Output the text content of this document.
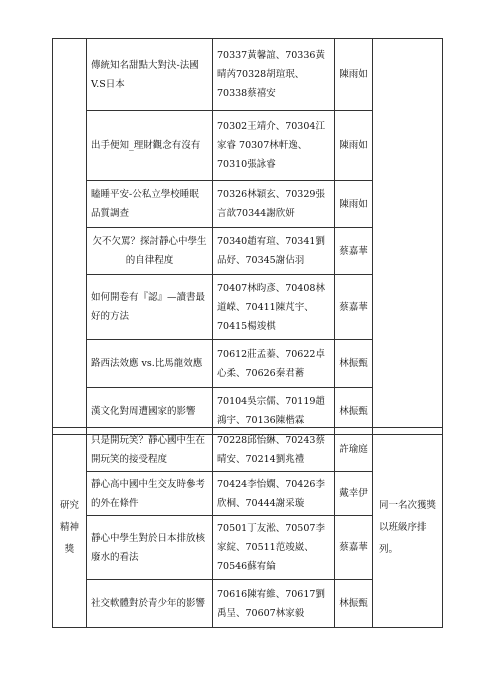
	傳統知名甜點大對決-法國V.S日本	70337黃馨誼、70336黃晴芮70328胡瑄珉、70338蔡禧安	陳雨如	
	出手便知_理財觀念有沒有	70302王靖介、70304江家睿 70307林軒逸、70310張詠睿	陳雨如	
	瞌睡平安-公私立學校睡眠品質調查	70326林穎玄、70329張言歆70344謝欣妍	陳雨如	
	欠不欠罵？探討靜心中學生的自律程度	70340趙宥瑄、70341劉品妤、70345謝佔羽	蔡嘉華	
	如何開卷有『認』—讀書最好的方法	70407林昀彥、70408林道嵘、70411陳芃宇、70415楊竣棋	蔡嘉華	
	路西法效應 vs.比馬龍效應	70612莊孟蓁、70622卓心柔、70626秦君蓄	林振甄	
	漢文化對周遭國家的影響	70104吳宗儒、70119趙鴻宇、70136陳楷霖	林振甄	
研究精神獎	只是開玩笑？靜心國中生在開玩笑的接受程度	70228邱怡綝、70243蔡晴安、70214劉兆禮	許瑜庭	同一名次獲獎以班級序排列。
	靜心高中國中生交友時參考的外在條件	70424李怡嫻、70426李欣桐、70444謝采璇	戴幸伊	
	靜心中學生對於日本排放核廢水的看法	70501丁友淞、70507李家綻、70511范竣崴、70546蘇宥綸	蔡嘉華	
	社交軟體對於青少年的影響	70616陳宥維、70617劉禹呈、70607林家毅	林振甄	
